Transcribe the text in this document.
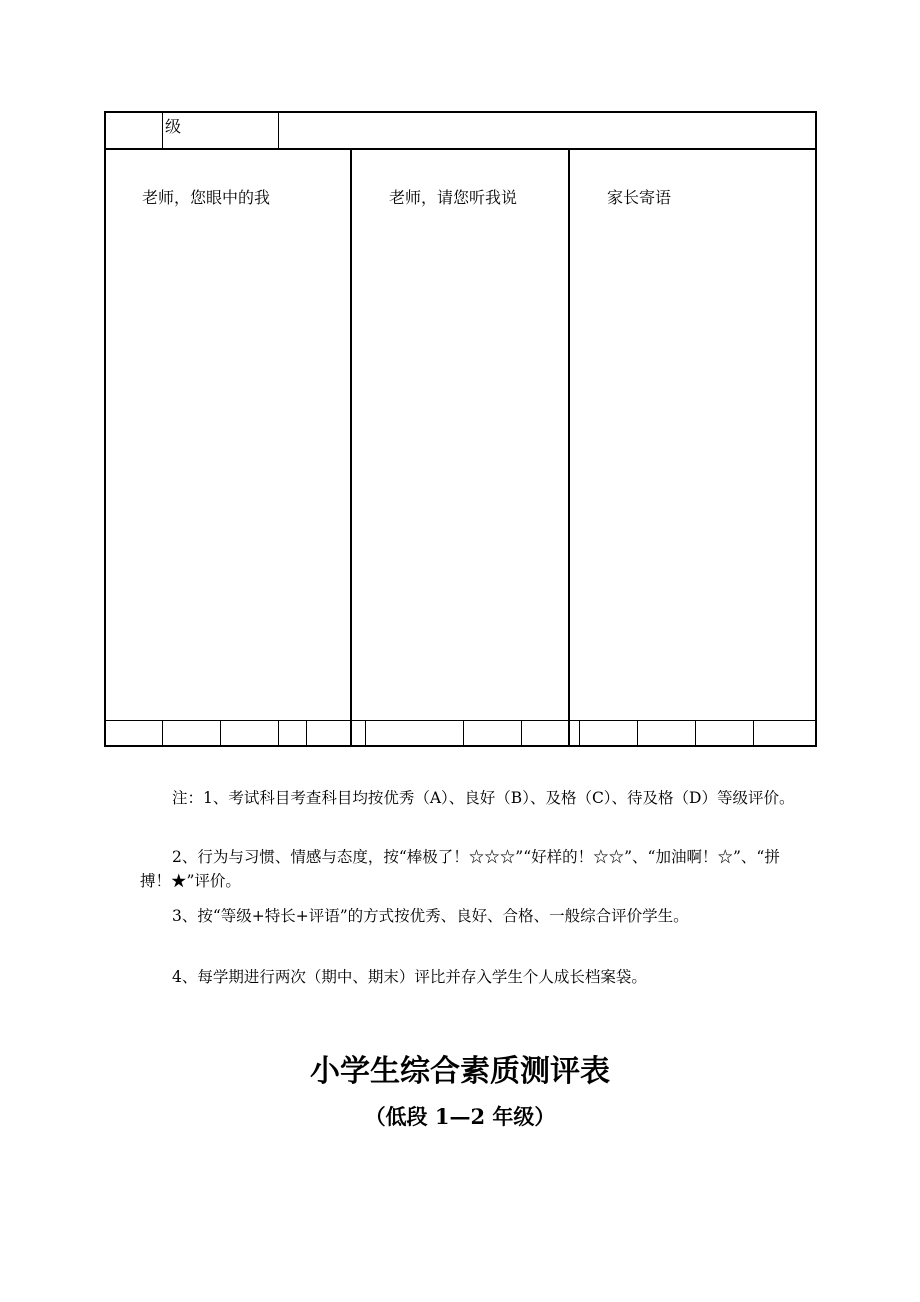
级
老师，您眼中的我	老师，请您听我说	家长寄语
注：1、考试科目考查科目均按优秀（A）、良好（B）、及格（C）、待及格（D）等级评价。
2、行为与习惯、情感与态度，按“棒极了！☆☆☆”“好样的！☆☆”、“加油啊！☆”、“拼搏！★”评价。
3、按“等级+特长+评语”的方式按优秀、良好、合格、一般综合评价学生。
4、每学期进行两次（期中、期末）评比并存入学生个人成长档案袋。
小学生综合素质测评表
（低段 1—2 年级）
